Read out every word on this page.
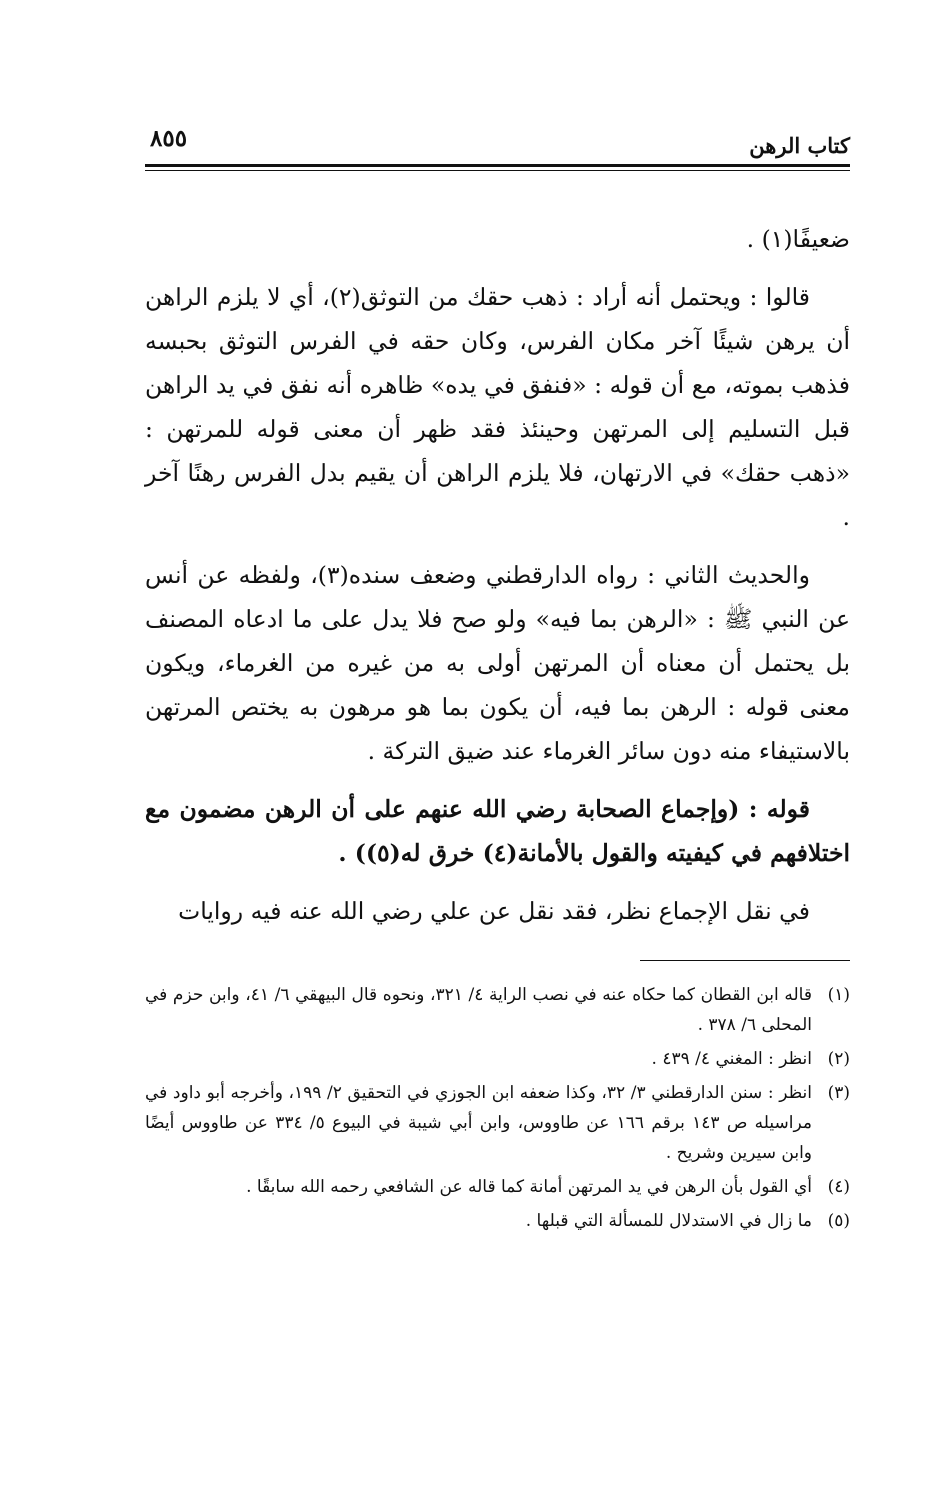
كتاب الرهن
٨٥٥

ضعيفًا(١) .

قالوا : ويحتمل أنه أراد : ذهب حقك من التوثق(٢)، أي لا يلزم الراهن أن يرهن شيئًا آخر مكان الفرس، وكان حقه في الفرس التوثق بحبسه فذهب بموته، مع أن قوله : «فنفق في يده» ظاهره أنه نفق في يد الراهن قبل التسليم إلى المرتهن وحينئذ فقد ظهر أن معنى قوله للمرتهن : «ذهب حقك» في الارتهان، فلا يلزم الراهن أن يقيم بدل الفرس رهنًا آخر .

والحديث الثاني : رواه الدارقطني وضعف سنده(٣)، ولفظه عن أنس عن النبي ﷺ : «الرهن بما فيه» ولو صح فلا يدل على ما ادعاه المصنف بل يحتمل أن معناه أن المرتهن أولى به من غيره من الغرماء، ويكون معنى قوله : الرهن بما فيه، أن يكون بما هو مرهون به يختص المرتهن بالاستيفاء منه دون سائر الغرماء عند ضيق التركة .

قوله : (وإجماع الصحابة رضي الله عنهم على أن الرهن مضمون مع اختلافهم في كيفيته والقول بالأمانة(٤) خرق له(٥)) .

في نقل الإجماع نظر، فقد نقل عن علي رضي الله عنه فيه روايات

(١)
قاله ابن القطان كما حكاه عنه في نصب الراية ٤/ ٣٢١، ونحوه قال البيهقي ٦/ ٤١، وابن حزم في المحلى ٦/ ٣٧٨ .
(٢)
انظر : المغني ٤/ ٤٣٩ .
(٣)
انظر : سنن الدارقطني ٣/ ٣٢، وكذا ضعفه ابن الجوزي في التحقيق ٢/ ١٩٩، وأخرجه أبو داود في مراسيله ص ١٤٣ برقم ١٦٦ عن طاووس، وابن أبي شيبة في البيوع ٥/ ٣٣٤ عن طاووس أيضًا وابن سيرين وشريح .
(٤)
أي القول بأن الرهن في يد المرتهن أمانة كما قاله عن الشافعي رحمه الله سابقًا .
(٥)
ما زال في الاستدلال للمسألة التي قبلها .
